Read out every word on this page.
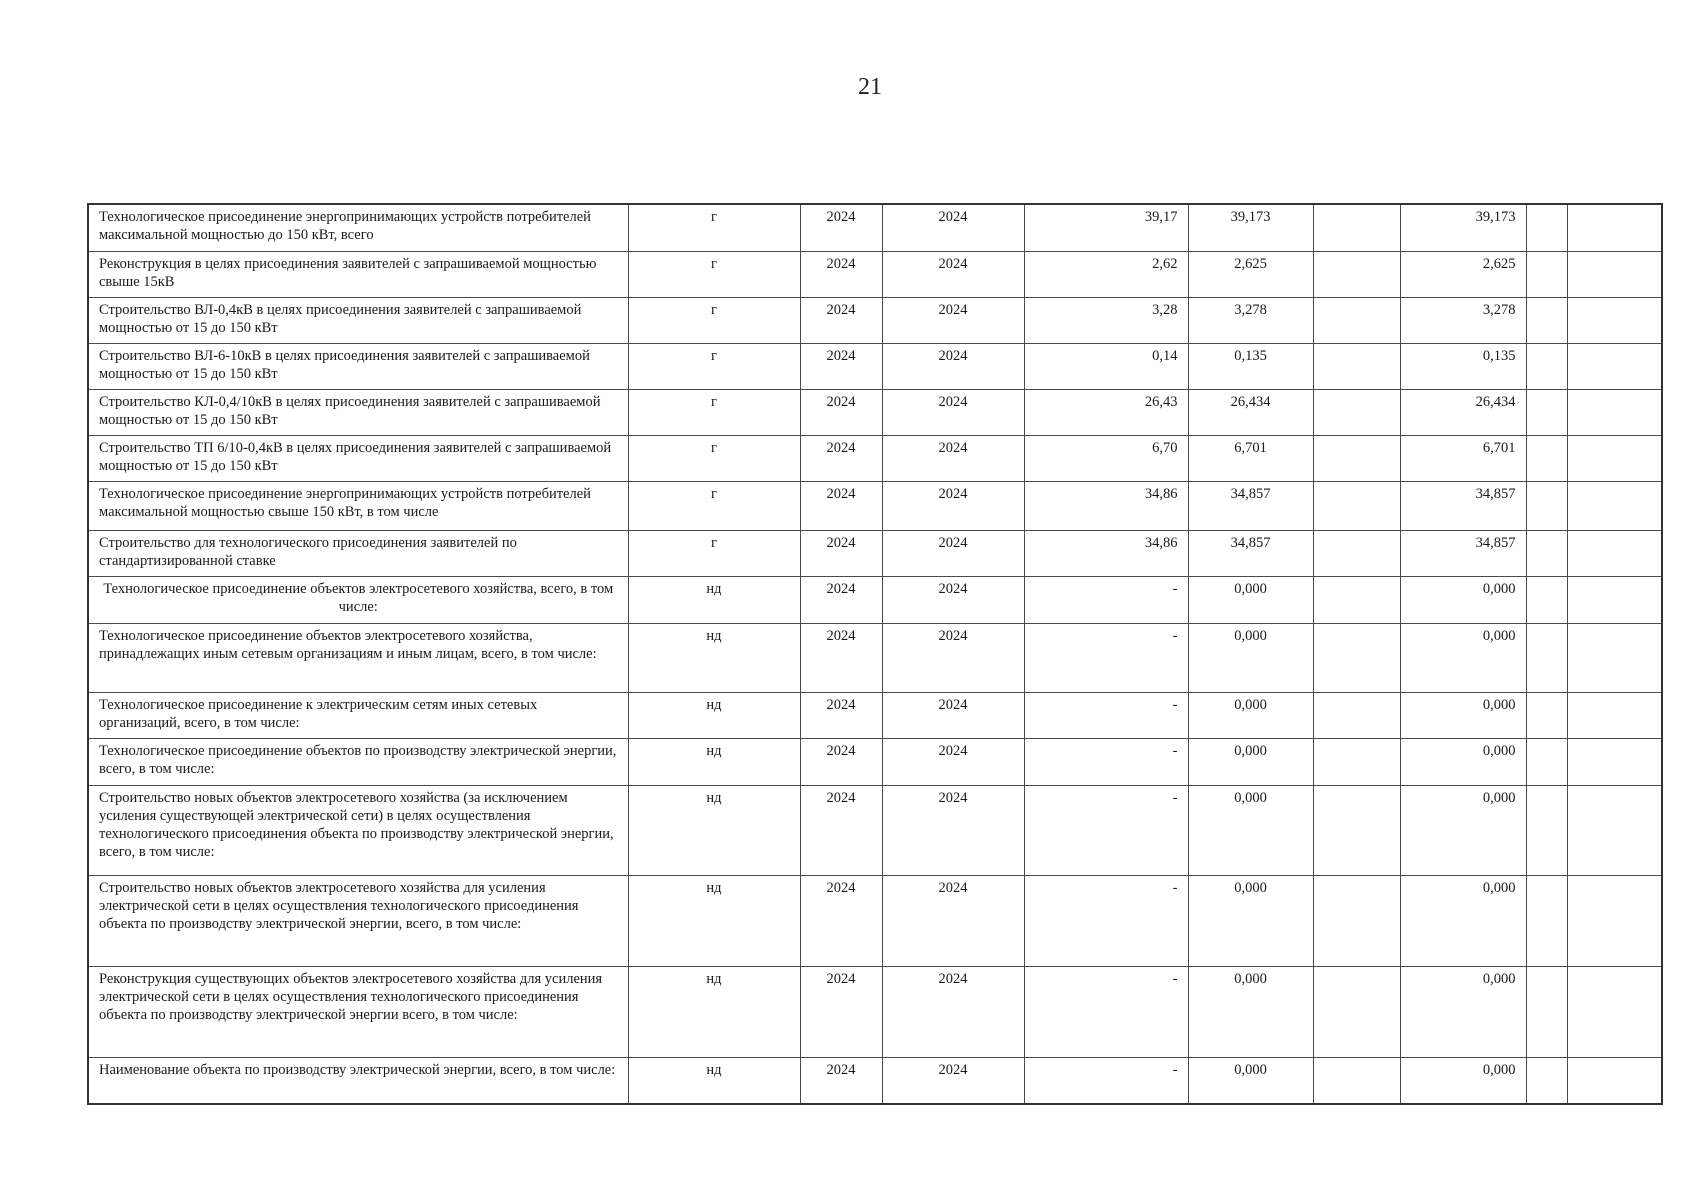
21
Технологическое присоединение энергопринимающих устройств потребителей максимальной мощностью до 150 кВт, всего	г	2024	2024	39,17	39,173		39,173		
Реконструкция в целях присоединения заявителей с запрашиваемой мощностью свыше 15кВ	г	2024	2024	2,62	2,625		2,625		
Строительство ВЛ-0,4кВ в целях присоединения заявителей с запрашиваемой мощностью от 15 до 150 кВт	г	2024	2024	3,28	3,278		3,278		
Строительство ВЛ-6-10кВ в целях присоединения заявителей с запрашиваемой мощностью от 15 до 150 кВт	г	2024	2024	0,14	0,135		0,135		
Строительство КЛ-0,4/10кВ в целях присоединения заявителей с запрашиваемой мощностью от 15 до 150 кВт	г	2024	2024	26,43	26,434		26,434		
Строительство ТП 6/10-0,4кВ в целях присоединения заявителей с запрашиваемой мощностью от 15 до 150 кВт	г	2024	2024	6,70	6,701		6,701		
Технологическое присоединение энергопринимающих устройств потребителей максимальной мощностью свыше 150 кВт, в том числе	г	2024	2024	34,86	34,857		34,857		
Строительство для технологического присоединения заявителей по стандартизированной ставке	г	2024	2024	34,86	34,857		34,857		
Технологическое присоединение объектов электросетевого хозяйства, всего, в том числе:	нд	2024	2024	-	0,000		0,000		
Технологическое присоединение объектов электросетевого хозяйства, принадлежащих иным сетевым организациям и иным лицам, всего, в том числе:	нд	2024	2024	-	0,000		0,000		
Технологическое присоединение к электрическим сетям иных сетевых организаций, всего, в том числе:	нд	2024	2024	-	0,000		0,000		
Технологическое присоединение объектов по производству электрической энергии, всего, в том числе:	нд	2024	2024	-	0,000		0,000		
Строительство новых объектов электросетевого хозяйства (за исключением усиления существующей электрической сети) в целях осуществления технологического присоединения объекта по производству электрической энергии, всего, в том числе:	нд	2024	2024	-	0,000		0,000		
Строительство новых объектов электросетевого хозяйства для усиления электрической сети в целях осуществления технологического присоединения объекта по производству электрической энергии, всего, в том числе:	нд	2024	2024	-	0,000		0,000		
Реконструкция существующих объектов электросетевого хозяйства для усиления электрической сети в целях осуществления технологического присоединения объекта по производству электрической энергии всего, в том числе:	нд	2024	2024	-	0,000		0,000		
Наименование объекта по производству электрической энергии, всего, в том числе:	нд	2024	2024	-	0,000		0,000		
